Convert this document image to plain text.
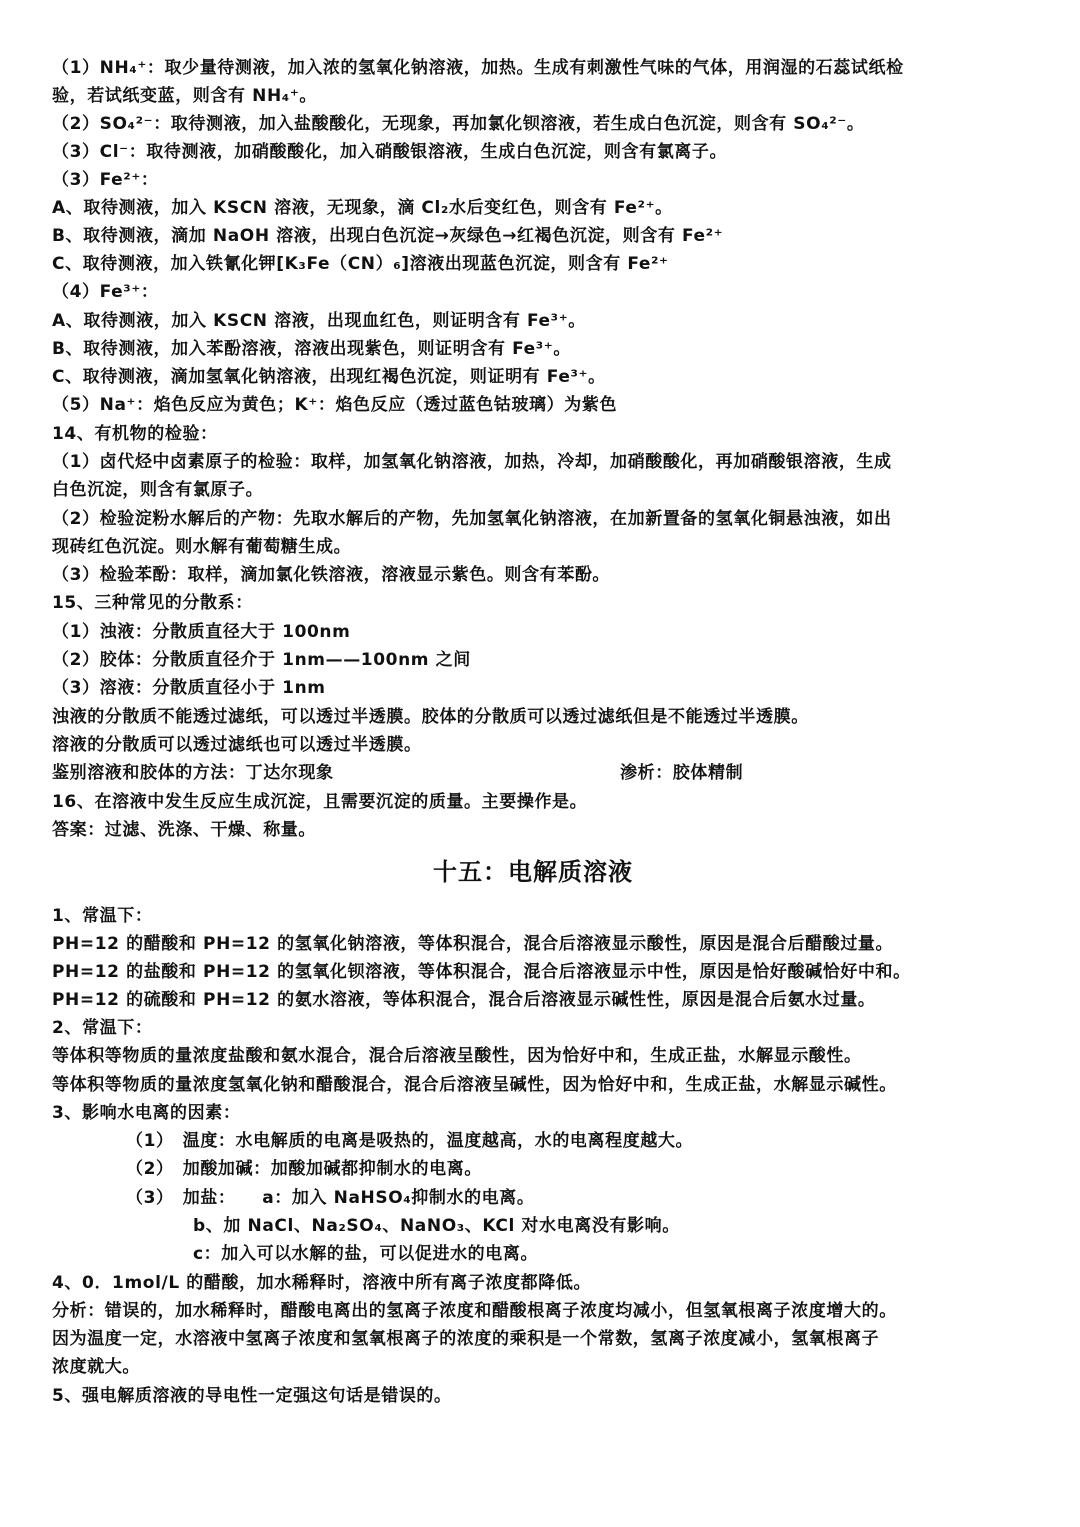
（1）NH₄⁺：取少量待测液，加入浓的氢氧化钠溶液，加热。生成有刺激性气味的气体，用润湿的石蕊试纸检
验，若试纸变蓝，则含有 NH₄⁺。
（2）SO₄²⁻：取待测液，加入盐酸酸化，无现象，再加氯化钡溶液，若生成白色沉淀，则含有 SO₄²⁻。
（3）Cl⁻：取待测液，加硝酸酸化，加入硝酸银溶液，生成白色沉淀，则含有氯离子。
（3）Fe²⁺：
A、取待测液，加入 KSCN 溶液，无现象，滴 Cl₂水后变红色，则含有 Fe²⁺。
B、取待测液，滴加 NaOH 溶液，出现白色沉淀→灰绿色→红褐色沉淀，则含有 Fe²⁺
C、取待测液，加入铁氰化钾[K₃Fe（CN）₆]溶液出现蓝色沉淀，则含有 Fe²⁺
（4）Fe³⁺：
A、取待测液，加入 KSCN 溶液，出现血红色，则证明含有 Fe³⁺。
B、取待测液，加入苯酚溶液，溶液出现紫色，则证明含有 Fe³⁺。
C、取待测液，滴加氢氧化钠溶液，出现红褐色沉淀，则证明有 Fe³⁺。
（5）Na⁺：焰色反应为黄色；K⁺：焰色反应（透过蓝色钴玻璃）为紫色
14、有机物的检验：
（1）卤代烃中卤素原子的检验：取样，加氢氧化钠溶液，加热，冷却，加硝酸酸化，再加硝酸银溶液，生成
白色沉淀，则含有氯原子。
（2）检验淀粉水解后的产物：先取水解后的产物，先加氢氧化钠溶液，在加新置备的氢氧化铜悬浊液，如出
现砖红色沉淀。则水解有葡萄糖生成。
（3）检验苯酚：取样，滴加氯化铁溶液，溶液显示紫色。则含有苯酚。
15、三种常见的分散系：
（1）浊液：分散质直径大于 100nm
（2）胶体：分散质直径介于 1nm——100nm 之间
（3）溶液：分散质直径小于 1nm
浊液的分散质不能透过滤纸，可以透过半透膜。胶体的分散质可以透过滤纸但是不能透过半透膜。
溶液的分散质可以透过滤纸也可以透过半透膜。
鉴别溶液和胶体的方法：丁达尔现象	渗析：胶体精制
16、在溶液中发生反应生成沉淀，且需要沉淀的质量。主要操作是。
答案：过滤、洗涤、干燥、称量。
十五：电解质溶液
1、常温下：
PH=12 的醋酸和 PH=12 的氢氧化钠溶液，等体积混合，混合后溶液显示酸性，原因是混合后醋酸过量。
PH=12 的盐酸和 PH=12 的氢氧化钡溶液，等体积混合，混合后溶液显示中性，原因是恰好酸碱恰好中和。
PH=12 的硫酸和 PH=12 的氨水溶液，等体积混合，混合后溶液显示碱性性，原因是混合后氨水过量。
2、常温下：
等体积等物质的量浓度盐酸和氨水混合，混合后溶液呈酸性，因为恰好中和，生成正盐，水解显示酸性。
等体积等物质的量浓度氢氧化钠和醋酸混合，混合后溶液呈碱性，因为恰好中和，生成正盐，水解显示碱性。
3、影响水电离的因素：
（1）　温度：水电解质的电离是吸热的，温度越高，水的电离程度越大。
（2）　加酸加碱：加酸加碱都抑制水的电离。
（3）　加盐：　　a：加入 NaHSO₄抑制水的电离。
b、加 NaCl、Na₂SO₄、NaNO₃、KCl 对水电离没有影响。
c：加入可以水解的盐，可以促进水的电离。
4、0．1mol/L 的醋酸，加水稀释时，溶液中所有离子浓度都降低。
分析：错误的，加水稀释时，醋酸电离出的氢离子浓度和醋酸根离子浓度均减小，但氢氧根离子浓度增大的。
因为温度一定，水溶液中氢离子浓度和氢氧根离子的浓度的乘积是一个常数，氢离子浓度减小，氢氧根离子
浓度就大。
5、强电解质溶液的导电性一定强这句话是错误的。
